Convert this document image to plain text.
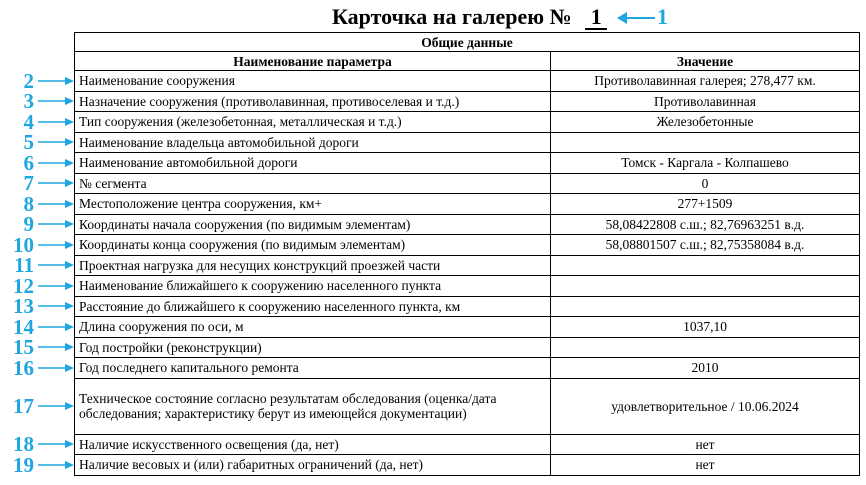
Карточка на галерею № 1	1
2
3
4
5
6
7
8
9
10
11
12
13
14
15
16
17
18
19
Общие данные	
Наименование параметра	Значение
Наименование сооружения	Противолавинная галерея; 278,477 км.
Назначение сооружения (противолавинная, противоселевая и т.д.)	Противолавинная
Тип сооружения (железобетонная, металлическая и т.д.)	Железобетонные
Наименование владельца автомобильной дороги	
Наименование автомобильной дороги	Томск - Каргала - Колпашево
№ сегмента	0
Местоположение центра сооружения, км+	277+1509
Координаты начала сооружения (по видимым элементам)	58,08422808 с.ш.; 82,76963251 в.д.
Координаты конца сооружения (по видимым элементам)	58,08801507 с.ш.; 82,75358084 в.д.
Проектная нагрузка для несущих конструкций проезжей части	
Наименование ближайшего к сооружению населенного пункта	
Расстояние до ближайшего к сооружению населенного пункта, км	
Длина сооружения по оси, м	1037,10
Год постройки (реконструкции)	
Год последнего капитального ремонта	2010
Техническое состояние согласно результатам обследования (оценка/дата обследования; характеристику берут из имеющейся документации)	удовлетворительное / 10.06.2024
Наличие искусственного освещения (да, нет)	нет
Наличие весовых и (или) габаритных ограничений (да, нет)	нет
